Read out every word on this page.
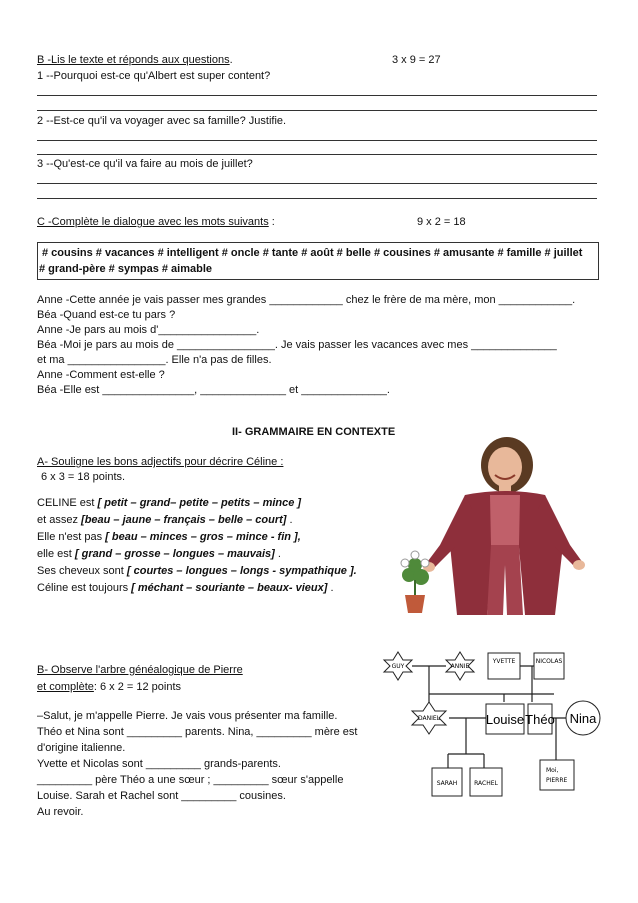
B -Lis le texte et réponds aux questions.	3 x 9 = 27
1 --Pourquoi est-ce qu'Albert est super content?
2 --Est-ce qu'il va voyager avec sa famille? Justifie.
3 --Qu'est-ce qu'il va faire au mois de juillet?
C -Complète le dialogue avec les mots suivants :	9 x 2 = 18
# cousins # vacances # intelligent # oncle # tante # août # belle # cousines # amusante # famille # juillet
# grand-père # sympas # aimable
Anne -Cette année je vais passer mes grandes ____________ chez le frère de ma mère, mon ____________.
Béa -Quand est-ce tu pars ?
Anne -Je pars au mois d'________________.
Béa -Moi je pars au mois de ________________. Je vais passer les vacances avec mes ______________
et ma ________________. Elle n'a pas de filles.
Anne -Comment est-elle ?
Béa -Elle est _______________, ______________ et ______________.
II- GRAMMAIRE EN CONTEXTE
A- Souligne les bons adjectifs pour décrire Céline :
6 x 3 = 18 points.
CELINE est [ petit – grand– petite – petits – mince ]
et assez [beau – jaune – français – belle – court] .
Elle n'est pas [ beau – minces – gros – mince - fin ],
elle est [ grand – grosse – longues – mauvais] .
Ses cheveux sont [ courtes – longues – longs - sympathique ].
Céline est toujours [ méchant – souriante – beaux- vieux] .
B- Observe l'arbre généalogique de Pierre
et complète: 6 x 2 = 12 points
–Salut, je m'appelle Pierre. Je vais vous présenter ma famille.
Théo et Nina sont _________ parents. Nina, _________ mère est
d'origine italienne.
Yvette et Nicolas sont _________ grands-parents.
_________ père Théo a une sœur ; _________ sœur s'appelle
Louise. Sarah et Rachel sont _________ cousines.
Au revoir.
GUY	ANNIE
YVETTE	NICOLAS
DANIEL	Louise Théo Nina
SARAH	RACHEL
Moi,
PIERRE
